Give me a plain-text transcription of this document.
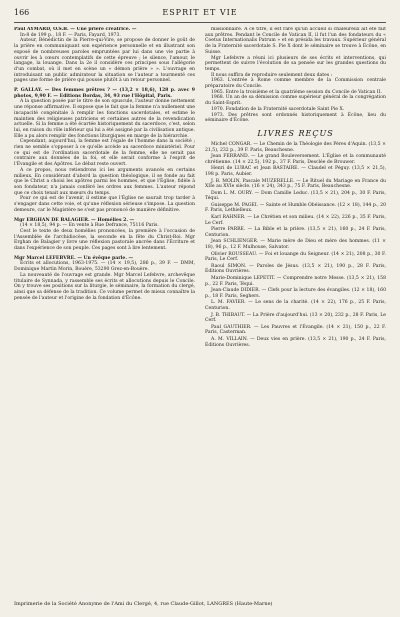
166	ESPRIT ET VIE

Paul AYMARD, O.S.B. — Une prière créatrice. —

In-8 de 199 p., 18 F. — Paris, Fayard, 1973.

Auteur, Bénédictin de la Pierre-qui-Vire, se propose de donner le goût de la prière en communiquant son expérience personnelle et en illustrant son exposé de nombreuses paroles empruntées par lui dans une vie partie à ouvrir les à cœurs contemplatifs de cette épreuve ; le silence, l'amour, le langage, la louange. Dans la 2e il considère ces principes sous l'allégorie d'un combat, où il met en scène un « démon prière » ». L'ouvrage en introduisant un public admirateur la situation se l'auteur a tourmenté ces pages une forme de prière qui pousse plutôt à un retour personnel.

P. GALLAY. — Des femmes prêtres ? — (13,2 × 18,6), 128 p. avec 9 photos, 9,90 F. — Editions Bordas, 34, 93 rue l'Hôpital, Paris.

A la question posée par le titre de son opuscule, l'auteur donne nettement une réponse affirmative. Il expose que le fait que la femme n'a nullement une incapacité congénitale à remplir les fonctions sacerdotales, et estime le maintien des religieuses patriciens et certaines autres de la revendication actuelle. Si la femme a été écartée historiquement du sacerdoce, c'est, selon lui, en raison du rôle inférieur qui lui a été assigné par la civilisation antique. Elle a pu alors remplir des fonctions liturgiques en marge de la hiérarchie.

Cependant, aujourd'hui, la femme est l'égale de l'homme dans la société ; rien ne semble s'opposer à ce qu'elle accède au sacerdoce ministériel. Pour ce qui est de l'ordination sacerdotale de la femme, elle ne serait pas contraire aux données de la foi, et elle serait conforme à l'esprit de l'Évangile et des Apôtres. Le débat reste ouvert.

A ce propos, nous retiendrons ici les arguments avancés en certains milieux. En considérant d'abord la question théologique, il se fonde au fait que le Christ a choisi les apôtres parmi les hommes, et que l'Église, fidèle à son fondateur, n'a jamais conféré les ordres aux femmes. L'auteur répond que ce choix tenait aux mœurs du temps.

Pour ce qui est de l'avenir, il estime que l'Église ne saurait trop tarder à s'engager dans cette voie, et qu'une réflexion sérieuse s'impose. La question demeure, car le Magistère ne s'est pas prononcé de manière définitive.

Mgr ERGHAN DE BALAGIER. — Homélies 2. —

(14 × 18,5), 94 p. — En vente à Rue Defrance, 75116 Paris.

Cest le texte de deux homélies prononcées, la première à l'occasion de l'Assemblée de l'archidiocèse, la seconde en la fête du Christ-Roi. Mgr Erghan de Balagier y livre une réflexion pastorale ancrée dans l'Écriture et dans l'expérience de son peuple. Ces pages sont à lire lentement.

Mgr Marcel LEFEBVRE. — Un évêque parle. —

Écrits et allocutions, 1963-1975. — (14 × 19,5), 286 p., 39 F. — DMM, Dominique Martin Morin, Bouère, 53290 Grez-en-Bouère.

La nouveauté de l'ouvrage est grande. Mgr Marcel Lefebvre, archevêque titulaire de Synnada, y rassemble ses écrits et allocutions depuis le Concile. On y trouve ses positions sur la liturgie, le séminaire, la formation du clergé, ainsi que sa défense de la tradition. Ce volume permet de mieux connaître la pensée de l'auteur et l'origine de la fondation d'Écône.

missionnaire. A ce titre, il est rare qu'un accueil si chaleureux ait été fait aux prêtres. Pendant le Concile de Vatican II, il fut l'un des fondateurs du « Coetus Internationalis Patrum » et en présida les travaux. Supérieur général de la Fraternité sacerdotale S. Pie X dont le séminaire se trouve à Écône, en Suisse.

Mgr Lefebvre a réuni ici plusieurs de ses écrits et interventions, qui permettent de suivre l'évolution de sa pensée sur les grandes questions du temps.

Il nous suffira de reproduire seulement deux dates :

1963. L'entrée à Rome comme membre de la Commission centrale préparatoire du Concile.

1965. Entre la troisième et la quatrième session du Concile de Vatican II.

1968. Un an de sa démission comme supérieur général de la congrégation du Saint-Esprit.

1970. Fondation de la Fraternité sacerdotale Saint Pie X.

1973. Des prêtres sont ordonnés historiquement à Écône, lieu du séminaire d'Écône.

LIVRES REÇUS

Michel CONGAR. — Le Chemin de la Théologie des Pères d'Aquin. (13,5 × 21,5), 232 p., 39 F. Paris, Beauchesne.

Jean FERRAND. — Le grand Bouleversement. L'Église et la communauté chrétienne. (14 × 22,5), 192 p., 37 F. Paris, Desclée de Brouwer.

Henri de LUBAC et Jean BASTAIRE. — Claudel et Péguy. (13,5 × 21,5), 198 p. Paris, Aubier.

J. B. MOLIN, Pascale MUZERELLE. — Le Rituel du Mariage en France du XIIe au XVIe siècle. (16 × 24), 343 p., 75 F. Paris, Beauchesne.

Dom L. M. OURY. — Dom Camille Leduc. (13,5 × 21), 204 p., 30 F. Paris, Téqui.

Guiseppe M. PAGEI. — Sainte et Humble Obéissance. (12 × 18), 144 p., 20 F. Paris, Lethielleux.

Karl RAHNER. — Le Chrétien et son milieu. (14 × 22), 226 p., 35 F. Paris, Le Cerf.

Pierre PARRE. — La Bible et la prière. (13,5 × 21), 160 p., 24 F. Paris, Centurion.

Jean SCHLIENGER. — Marie mère de Dieu et mère des hommes. (11 × 18), 96 p., 12 F. Mulhouse, Salvator.

Olivier ROUSSEAU. — Foi et louange du Seigneur. (14 × 21), 208 p., 30 F. Paris, Le Cerf.

Raoul SIMON. — Paroles de Jésus. (13,5 × 21), 190 p., 28 F. Paris, Éditions Ouvrières.

Marie-Dominique LEPETIT. — Comprendre notre Messe. (13,5 × 21), 158 p., 22 F. Paris, Téqui.

Jean-Claude DIDIER. — Clefs pour la lecture des évangiles. (12 × 18), 160 p., 18 F. Paris, Seghers.

L. M. FAVIER. — Le sens de la charité. (14 × 22), 176 p., 25 F. Paris, Centurion.

J. B. THIBAUT. — La Prière d'aujourd'hui. (13 × 20), 232 p., 28 F. Paris, Le Cerf.

Paul GAUTHIER. — Les Pauvres et l'Évangile. (14 × 21), 150 p., 22 F. Paris, Casterman.

A. M. VILLAIN. — Deux vies en prière. (13,5 × 21), 190 p., 24 F. Paris, Éditions Ouvrières.

Imprimerie de la Société Anonyme de l'Ami du Clergé, 4, rue Claude-Gillot, LANGRES (Haute-Marne)
